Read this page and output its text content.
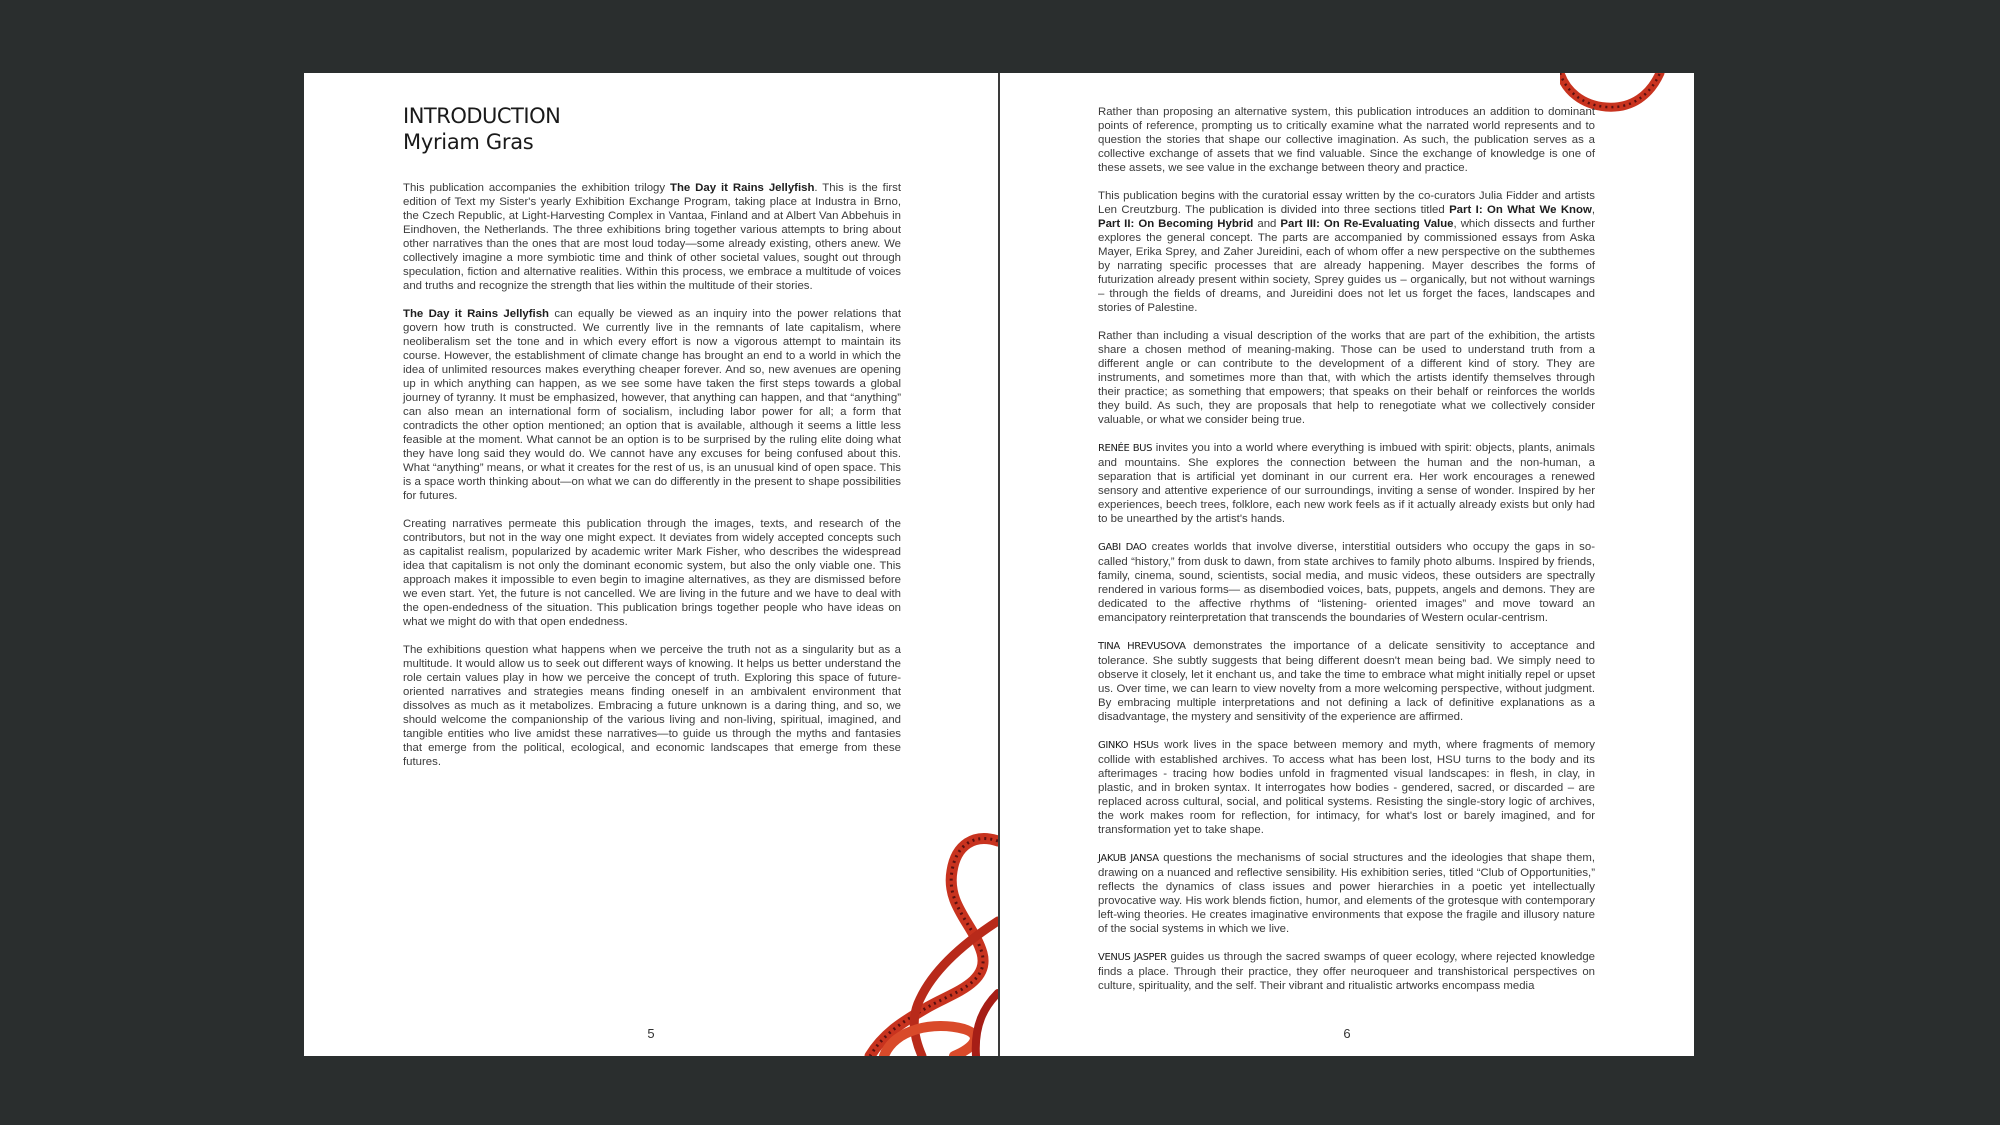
INTRODUCTION
Myriam Gras

This publication accompanies the exhibition trilogy The Day it Rains Jellyfish. This is the first edition of Text my Sister's yearly Exhibition Exchange Program, taking place at Industra in Brno, the Czech Republic, at Light-Harvesting Complex in Vantaa, Finland and at Albert Van Abbehuis in Eindhoven, the Netherlands. The three exhibitions bring together various attempts to bring about other narratives than the ones that are most loud today—some already existing, others anew. We collectively imagine a more symbiotic time and think of other societal values, sought out through speculation, fiction and alternative realities. Within this process, we embrace a multitude of voices and truths and recognize the strength that lies within the multitude of their stories.

The Day it Rains Jellyfish can equally be viewed as an inquiry into the power relations that govern how truth is constructed. We currently live in the remnants of late capitalism, where neoliberalism set the tone and in which every effort is now a vigorous attempt to maintain its course. However, the establishment of climate change has brought an end to a world in which the idea of unlimited resources makes everything cheaper forever. And so, new avenues are opening up in which anything can happen, as we see some have taken the first steps towards a global journey of tyranny. It must be emphasized, however, that anything can happen, and that “anything” can also mean an international form of socialism, including labor power for all; a form that contradicts the other option mentioned; an option that is available, although it seems a little less feasible at the moment. What cannot be an option is to be surprised by the ruling elite doing what they have long said they would do. We cannot have any excuses for being confused about this. What “anything” means, or what it creates for the rest of us, is an unusual kind of open space. This is a space worth thinking about—on what we can do differently in the present to shape possibilities for futures.

Creating narratives permeate this publication through the images, texts, and research of the contributors, but not in the way one might expect. It deviates from widely accepted concepts such as capitalist realism, popularized by academic writer Mark Fisher, who describes the widespread idea that capitalism is not only the dominant economic system, but also the only viable one. This approach makes it impossible to even begin to imagine alternatives, as they are dismissed before we even start. Yet, the future is not cancelled. We are living in the future and we have to deal with the open-endedness of the situation. This publication brings together people who have ideas on what we might do with that open endedness.

The exhibitions question what happens when we perceive the truth not as a singularity but as a multitude. It would allow us to seek out different ways of knowing. It helps us better understand the role certain values play in how we perceive the concept of truth. Exploring this space of future-oriented narratives and strategies means finding oneself in an ambivalent environment that dissolves as much as it metabolizes. Embracing a future unknown is a daring thing, and so, we should welcome the companionship of the various living and non-living, spiritual, imagined, and tangible entities who live amidst these narratives—to guide us through the myths and fantasies that emerge from the political, ecological, and economic landscapes that emerge from these futures.

5

Rather than proposing an alternative system, this publication introduces an addition to dominant points of reference, prompting us to critically examine what the narrated world represents and to question the stories that shape our collective imagination. As such, the publication serves as a collective exchange of assets that we find valuable. Since the exchange of knowledge is one of these assets, we see value in the exchange between theory and practice.

This publication begins with the curatorial essay written by the co-curators Julia Fidder and artists Len Creutzburg. The publication is divided into three sections titled Part I: On What We Know, Part II: On Becoming Hybrid and Part III: On Re-Evaluating Value, which dissects and further explores the general concept. The parts are accompanied by commissioned essays from Aska Mayer, Erika Sprey, and Zaher Jureidini, each of whom offer a new perspective on the subthemes by narrating specific processes that are already happening. Mayer describes the forms of futurization already present within society, Sprey guides us – organically, but not without warnings – through the fields of dreams, and Jureidini does not let us forget the faces, landscapes and stories of Palestine.

Rather than including a visual description of the works that are part of the exhibition, the artists share a chosen method of meaning-making. Those can be used to understand truth from a different angle or can contribute to the development of a different kind of story. They are instruments, and sometimes more than that, with which the artists identify themselves through their practice; as something that empowers; that speaks on their behalf or reinforces the worlds they build. As such, they are proposals that help to renegotiate what we collectively consider valuable, or what we consider being true.

RENÉE BUS invites you into a world where everything is imbued with spirit: objects, plants, animals and mountains. She explores the connection between the human and the non-human, a separation that is artificial yet dominant in our current era. Her work encourages a renewed sensory and attentive experience of our surroundings, inviting a sense of wonder. Inspired by her experiences, beech trees, folklore, each new work feels as if it actually already exists but only had to be unearthed by the artist's hands.

GABI DAO creates worlds that involve diverse, interstitial outsiders who occupy the gaps in so-called “history,” from dusk to dawn, from state archives to family photo albums. Inspired by friends, family, cinema, sound, scientists, social media, and music videos, these outsiders are spectrally rendered in various forms— as disembodied voices, bats, puppets, angels and demons. They are dedicated to the affective rhythms of “listening- oriented images” and move toward an emancipatory reinterpretation that transcends the boundaries of Western ocular-centrism.

TINA HREVUSOVA demonstrates the importance of a delicate sensitivity to acceptance and tolerance. She subtly suggests that being different doesn't mean being bad. We simply need to observe it closely, let it enchant us, and take the time to embrace what might initially repel or upset us. Over time, we can learn to view novelty from a more welcoming perspective, without judgment. By embracing multiple interpretations and not defining a lack of definitive explanations as a disadvantage, the mystery and sensitivity of the experience are affirmed.

GINKO HSUs work lives in the space between memory and myth, where fragments of memory collide with established archives. To access what has been lost, HSU turns to the body and its afterimages - tracing how bodies unfold in fragmented visual landscapes: in flesh, in clay, in plastic, and in broken syntax. It interrogates how bodies - gendered, sacred, or discarded – are replaced across cultural, social, and political systems. Resisting the single-story logic of archives, the work makes room for reflection, for intimacy, for what's lost or barely imagined, and for transformation yet to take shape.

JAKUB JANSA questions the mechanisms of social structures and the ideologies that shape them, drawing on a nuanced and reflective sensibility. His exhibition series, titled “Club of Opportunities,” reflects the dynamics of class issues and power hierarchies in a poetic yet intellectually provocative way. His work blends fiction, humor, and elements of the grotesque with contemporary left-wing theories. He creates imaginative environments that expose the fragile and illusory nature of the social systems in which we live.

VENUS JASPER guides us through the sacred swamps of queer ecology, where rejected knowledge finds a place. Through their practice, they offer neuroqueer and transhistorical perspectives on culture, spirituality, and the self. Their vibrant and ritualistic artworks encompass media

6
